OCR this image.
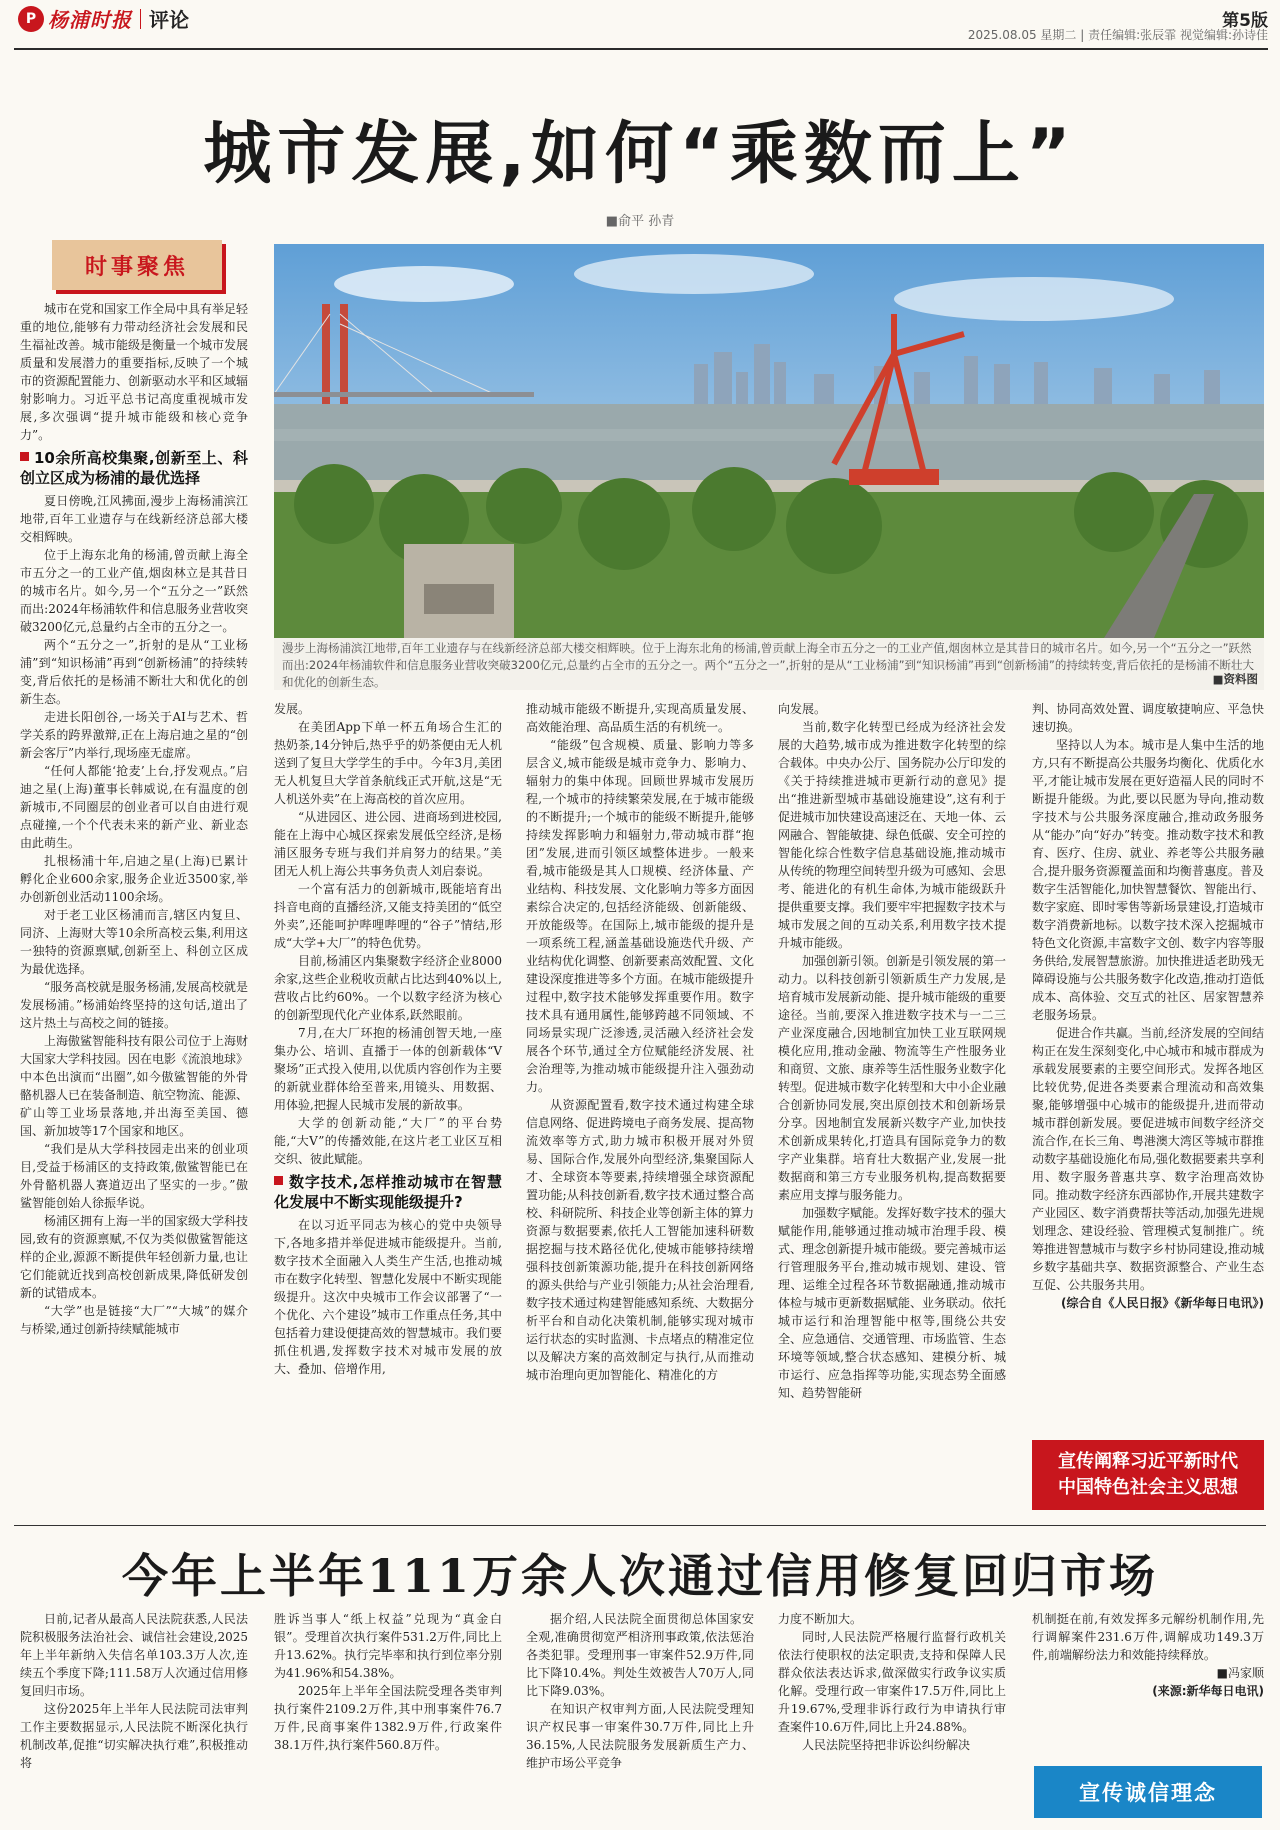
P 杨浦时报 评论	第5版
2025.08.05 星期二 | 责任编辑:张辰霏 视觉编辑:孙诗佳
城市发展,如何“乘数而上”
■俞平 孙青
时事聚焦
漫步上海杨浦滨江地带,百年工业遗存与在线新经济总部大楼交相辉映。位于上海东北角的杨浦,曾贡献上海全市五分之一的工业产值,烟囱林立是其昔日的城市名片。如今,另一个“五分之一”跃然而出:2024年杨浦软件和信息服务业营收突破3200亿元,总量约占全市的五分之一。两个“五分之一”,折射的是从“工业杨浦”到“知识杨浦”再到“创新杨浦”的持续转变,背后依托的是杨浦不断壮大和优化的创新生态。	■资料图

城市在党和国家工作全局中具有举足轻重的地位,能够有力带动经济社会发展和民生福祉改善。城市能级是衡量一个城市发展质量和发展潜力的重要指标,反映了一个城市的资源配置能力、创新驱动水平和区域辐射影响力。习近平总书记高度重视城市发展,多次强调“提升城市能级和核心竞争力”。

10余所高校集聚,创新至上、科创立区成为杨浦的最优选择

夏日傍晚,江风拂面,漫步上海杨浦滨江地带,百年工业遗存与在线新经济总部大楼交相辉映。

位于上海东北角的杨浦,曾贡献上海全市五分之一的工业产值,烟囱林立是其昔日的城市名片。如今,另一个“五分之一”跃然而出:2024年杨浦软件和信息服务业营收突破3200亿元,总量约占全市的五分之一。

两个“五分之一”,折射的是从“工业杨浦”到“知识杨浦”再到“创新杨浦”的持续转变,背后依托的是杨浦不断壮大和优化的创新生态。

走进长阳创谷,一场关于AI与艺术、哲学关系的跨界激辩,正在上海启迪之星的“创新会客厅”内举行,现场座无虚席。

“任何人都能‘抢麦’上台,抒发观点。”启迪之星(上海)董事长韩威说,在有温度的创新城市,不同圈层的创业者可以自由进行观点碰撞,一个个代表未来的新产业、新业态由此萌生。

扎根杨浦十年,启迪之星(上海)已累计孵化企业600余家,服务企业近3500家,举办创新创业活动1100余场。

对于老工业区杨浦而言,辖区内复旦、同济、上海财大等10余所高校云集,利用这一独特的资源禀赋,创新至上、科创立区成为最优选择。

“服务高校就是服务杨浦,发展高校就是发展杨浦。”杨浦始终坚持的这句话,道出了这片热土与高校之间的链接。

上海傲鲨智能科技有限公司位于上海财大国家大学科技园。因在电影《流浪地球》中本色出演而“出圈”,如今傲鲨智能的外骨骼机器人已在装备制造、航空物流、能源、矿山等工业场景落地,并出海至美国、德国、新加坡等17个国家和地区。

“我们是从大学科技园走出来的创业项目,受益于杨浦区的支持政策,傲鲨智能已在外骨骼机器人赛道迈出了坚实的一步。”傲鲨智能创始人徐振华说。

杨浦区拥有上海一半的国家级大学科技园,致有的资源禀赋,不仅为类似傲鲨智能这样的企业,源源不断提供年轻创新力量,也让它们能就近找到高校创新成果,降低研发创新的试错成本。

“大学”也是链接“大厂”“大城”的媒介与桥梁,通过创新持续赋能城市

发展。

在美团App下单一杯五角场合生汇的热奶茶,14分钟后,热乎乎的奶茶便由无人机送到了复旦大学学生的手中。今年3月,美团无人机复旦大学首条航线正式开航,这是“无人机送外卖”在上海高校的首次应用。

“从进园区、进公园、进商场到进校园,能在上海中心城区探索发展低空经济,是杨浦区服务专班与我们并肩努力的结果。”美团无人机上海公共事务负责人刘启泰说。

一个富有活力的创新城市,既能培育出抖音电商的直播经济,又能支持美团的“低空外卖”,还能呵护哔哩哔哩的“谷子”情结,形成“大学+大厂”的特色优势。

目前,杨浦区内集聚数字经济企业8000余家,这些企业税收贡献占比达到40%以上,营收占比约60%。一个以数字经济为核心的创新型现代化产业体系,跃然眼前。

7月,在大厂环抱的杨浦创智天地,一座集办公、培训、直播于一体的创新载体“V聚场”正式投入使用,以优质内容创作为主要的新就业群体给至普来,用镜头、用数据、用体验,把握人民城市发展的新故事。

大学的创新动能,“大厂”的平台势能,“大V”的传播效能,在这片老工业区互相交织、彼此赋能。

数字技术,怎样推动城市在智慧化发展中不断实现能级提升?

在以习近平同志为核心的党中央领导下,各地多措并举促进城市能级提升。当前,数字技术全面融入人类生产生活,也推动城市在数字化转型、智慧化发展中不断实现能级提升。这次中央城市工作会议部署了“一个优化、六个建设”城市工作重点任务,其中包括着力建设便捷高效的智慧城市。我们要抓住机遇,发挥数字技术对城市发展的放大、叠加、倍增作用,

推动城市能级不断提升,实现高质量发展、高效能治理、高品质生活的有机统一。

“能级”包含规模、质量、影响力等多层含义,城市能级是城市竞争力、影响力、辐射力的集中体现。回顾世界城市发展历程,一个城市的持续繁荣发展,在于城市能级的不断提升;一个城市的能级不断提升,能够持续发挥影响力和辐射力,带动城市群“抱团”发展,进而引领区域整体进步。一般来看,城市能级是其人口规模、经济体量、产业结构、科技发展、文化影响力等多方面因素综合决定的,包括经济能级、创新能级、开放能级等。在国际上,城市能级的提升是一项系统工程,涵盖基础设施迭代升级、产业结构优化调整、创新要素高效配置、文化建设深度推进等多个方面。在城市能级提升过程中,数字技术能够发挥重要作用。数字技术具有通用属性,能够跨越不同领域、不同场景实现广泛渗透,灵活融入经济社会发展各个环节,通过全方位赋能经济发展、社会治理等,为推动城市能级提升注入强劲动力。

从资源配置看,数字技术通过构建全球信息网络、促进跨境电子商务发展、提高物流效率等方式,助力城市积极开展对外贸易、国际合作,发展外向型经济,集聚国际人才、全球资本等要素,持续增强全球资源配置功能;从科技创新看,数字技术通过整合高校、科研院所、科技企业等创新主体的算力资源与数据要素,依托人工智能加速科研数据挖掘与技术路径优化,使城市能够持续增强科技创新策源功能,提升在科技创新网络的源头供给与产业引领能力;从社会治理看,数字技术通过构建智能感知系统、大数据分析平台和自动化决策机制,能够实现对城市运行状态的实时监测、卡点堵点的精准定位以及解决方案的高效制定与执行,从而推动城市治理向更加智能化、精准化的方

向发展。

当前,数字化转型已经成为经济社会发展的大趋势,城市成为推进数字化转型的综合载体。中央办公厅、国务院办公厅印发的《关于持续推进城市更新行动的意见》提出“推进新型城市基础设施建设”,这有利于促进城市加快建设高速泛在、天地一体、云网融合、智能敏捷、绿色低碳、安全可控的智能化综合性数字信息基础设施,推动城市从传统的物理空间转型升级为可感知、会思考、能进化的有机生命体,为城市能级跃升提供重要支撑。我们要牢牢把握数字技术与城市发展之间的互动关系,利用数字技术提升城市能级。

加强创新引领。创新是引领发展的第一动力。以科技创新引领新质生产力发展,是培育城市发展新动能、提升城市能级的重要途径。当前,要深入推进数字技术与一二三产业深度融合,因地制宜加快工业互联网规模化应用,推动金融、物流等生产性服务业和商贸、文旅、康养等生活性服务业数字化转型。促进城市数字化转型和大中小企业融合创新协同发展,突出原创技术和创新场景分享。因地制宜发展新兴数字产业,加快技术创新成果转化,打造具有国际竞争力的数字产业集群。培育壮大数据产业,发展一批数据商和第三方专业服务机构,提高数据要素应用支撑与服务能力。

加强数字赋能。发挥好数字技术的强大赋能作用,能够通过推动城市治理手段、模式、理念创新提升城市能级。要完善城市运行管理服务平台,推动城市规划、建设、管理、运维全过程各环节数据融通,推动城市体检与城市更新数据赋能、业务联动。依托城市运行和治理智能中枢等,围绕公共安全、应急通信、交通管理、市场监管、生态环境等领域,整合状态感知、建模分析、城市运行、应急指挥等功能,实现态势全面感知、趋势智能研

判、协同高效处置、调度敏捷响应、平急快速切换。

坚持以人为本。城市是人集中生活的地方,只有不断提高公共服务均衡化、优质化水平,才能让城市发展在更好造福人民的同时不断提升能级。为此,要以民愿为导向,推动数字技术与公共服务深度融合,推动政务服务从“能办”向“好办”转变。推动数字技术和教育、医疗、住房、就业、养老等公共服务融合,提升服务资源覆盖面和均衡普惠度。普及数字生活智能化,加快智慧餐饮、智能出行、数字家庭、即时零售等新场景建设,打造城市数字消费新地标。以数字技术深入挖掘城市特色文化资源,丰富数字文创、数字内容等服务供给,发展智慧旅游。加快推进适老助残无障碍设施与公共服务数字化改造,推动打造低成本、高体验、交互式的社区、居家智慧养老服务场景。

促进合作共赢。当前,经济发展的空间结构正在发生深刻变化,中心城市和城市群成为承载发展要素的主要空间形式。发挥各地区比较优势,促进各类要素合理流动和高效集聚,能够增强中心城市的能级提升,进而带动城市群创新发展。要促进城市间数字经济交流合作,在长三角、粤港澳大湾区等城市群推动数字基础设施化布局,强化数据要素共享利用、数字服务普惠共享、数字治理高效协同。推动数字经济东西部协作,开展共建数字产业园区、数字消费帮扶等活动,加强先进规划理念、建设经验、管理模式复制推广。统筹推进智慧城市与数字乡村协同建设,推动城乡数字基础共享、数据资源整合、产业生态互促、公共服务共用。

(综合自《人民日报》《新华每日电讯》)

宣传阐释习近平新时代
中国特色社会主义思想
今年上半年111万余人次通过信用修复回归市场

日前,记者从最高人民法院获悉,人民法院积极服务法治社会、诚信社会建设,2025年上半年新纳入失信名单103.3万人次,连续五个季度下降;111.58万人次通过信用修复回归市场。

这份2025年上半年人民法院司法审判工作主要数据显示,人民法院不断深化执行机制改革,促推“切实解决执行难”,积极推动将

胜诉当事人“纸上权益”兑现为“真金白银”。受理首次执行案件531.2万件,同比上升13.62%。执行完毕率和执行到位率分别为41.96%和54.38%。

2025年上半年全国法院受理各类审判执行案件2109.2万件,其中刑事案件76.7万件,民商事案件1382.9万件,行政案件38.1万件,执行案件560.8万件。

据介绍,人民法院全面贯彻总体国家安全观,准确贯彻宽严相济刑事政策,依法惩治各类犯罪。受理刑事一审案件52.9万件,同比下降10.4%。判处生效被告人70万人,同比下降9.03%。

在知识产权审判方面,人民法院受理知识产权民事一审案件30.7万件,同比上升36.15%,人民法院服务发展新质生产力、维护市场公平竞争

力度不断加大。

同时,人民法院严格履行监督行政机关依法行使职权的法定职责,支持和保障人民群众依法表达诉求,做深做实行政争议实质化解。受理行政一审案件17.5万件,同比上升19.67%,受理非诉行政行为申请执行审查案件10.6万件,同比上升24.88%。

人民法院坚持把非诉讼纠纷解决

机制挺在前,有效发挥多元解纷机制作用,先行调解案件231.6万件,调解成功149.3万件,前端解纷法力和效能持续释放。

■冯家顺

(来源:新华每日电讯)

宣传诚信理念
